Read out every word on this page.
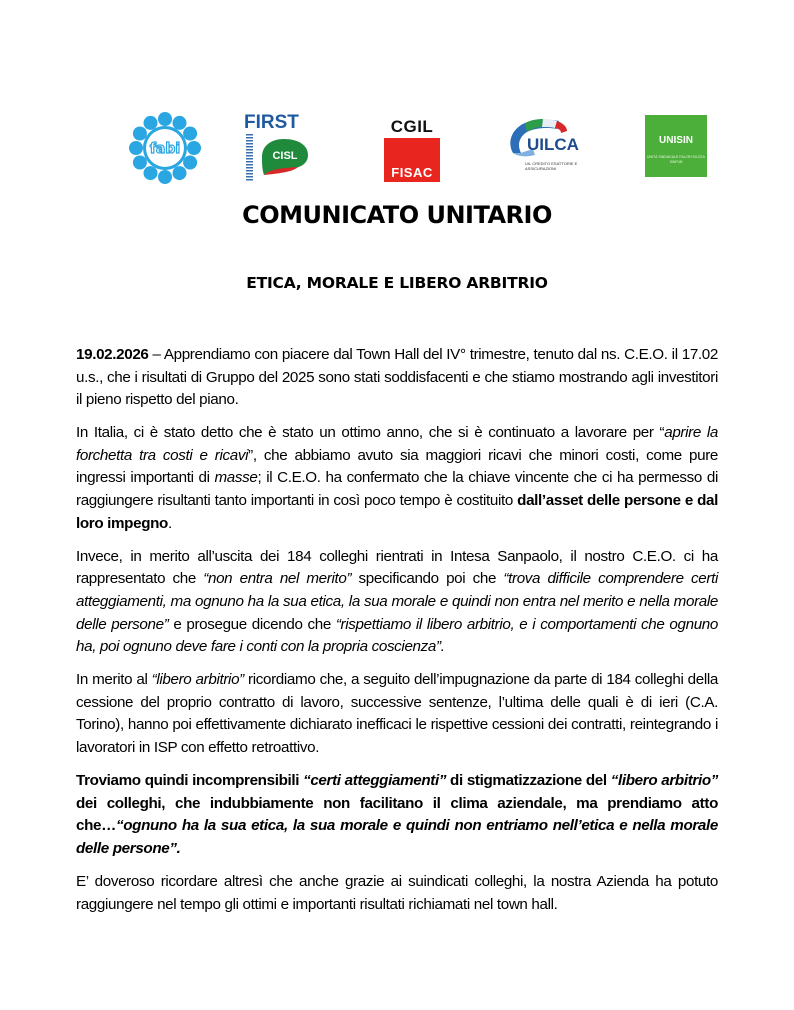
fabi
FIRST
CISL
CGIL
FISAC
UILCA
UIL CREDITO ESATTORIE E ASSICURAZIONI
UNISIN
UNITÀ SINDACALE FALCRI SILCEA SINFUB
COMUNICATO UNITARIO
ETICA, MORALE E LIBERO ARBITRIO

19.02.2026 – Apprendiamo con piacere dal Town Hall del IV° trimestre, tenuto dal ns. C.E.O. il 17.02 u.s., che i risultati di Gruppo del 2025 sono stati soddisfacenti e che stiamo mostrando agli investitori il pieno rispetto del piano.

In Italia, ci è stato detto che è stato un ottimo anno, che si è continuato a lavorare per “aprire la forchetta tra costi e ricavi”, che abbiamo avuto sia maggiori ricavi che minori costi, come pure ingressi importanti di masse; il C.E.O. ha confermato che la chiave vincente che ci ha permesso di raggiungere risultanti tanto importanti in così poco tempo è costituito dall’asset delle persone e dal loro impegno.

Invece, in merito all’uscita dei 184 colleghi rientrati in Intesa Sanpaolo, il nostro C.E.O. ci ha rappresentato che “non entra nel merito” specificando poi che “trova difficile comprendere certi atteggiamenti, ma ognuno ha la sua etica, la sua morale e quindi non entra nel merito e nella morale delle persone” e prosegue dicendo che “rispettiamo il libero arbitrio, e i comportamenti che ognuno ha, poi ognuno deve fare i conti con la propria coscienza”.

In merito al “libero arbitrio” ricordiamo che, a seguito dell’impugnazione da parte di 184 colleghi della cessione del proprio contratto di lavoro, successive sentenze, l’ultima delle quali è di ieri (C.A. Torino), hanno poi effettivamente dichiarato inefficaci le rispettive cessioni dei contratti, reintegrando i lavoratori in ISP con effetto retroattivo.

Troviamo quindi incomprensibili “certi atteggiamenti” di stigmatizzazione del “libero arbitrio” dei colleghi, che indubbiamente non facilitano il clima aziendale, ma prendiamo atto che…“ognuno ha la sua etica, la sua morale e quindi non entriamo nell’etica e nella morale delle persone”.

E’ doveroso ricordare altresì che anche grazie ai suindicati colleghi, la nostra Azienda ha potuto raggiungere nel tempo gli ottimi e importanti risultati richiamati nel town hall.
